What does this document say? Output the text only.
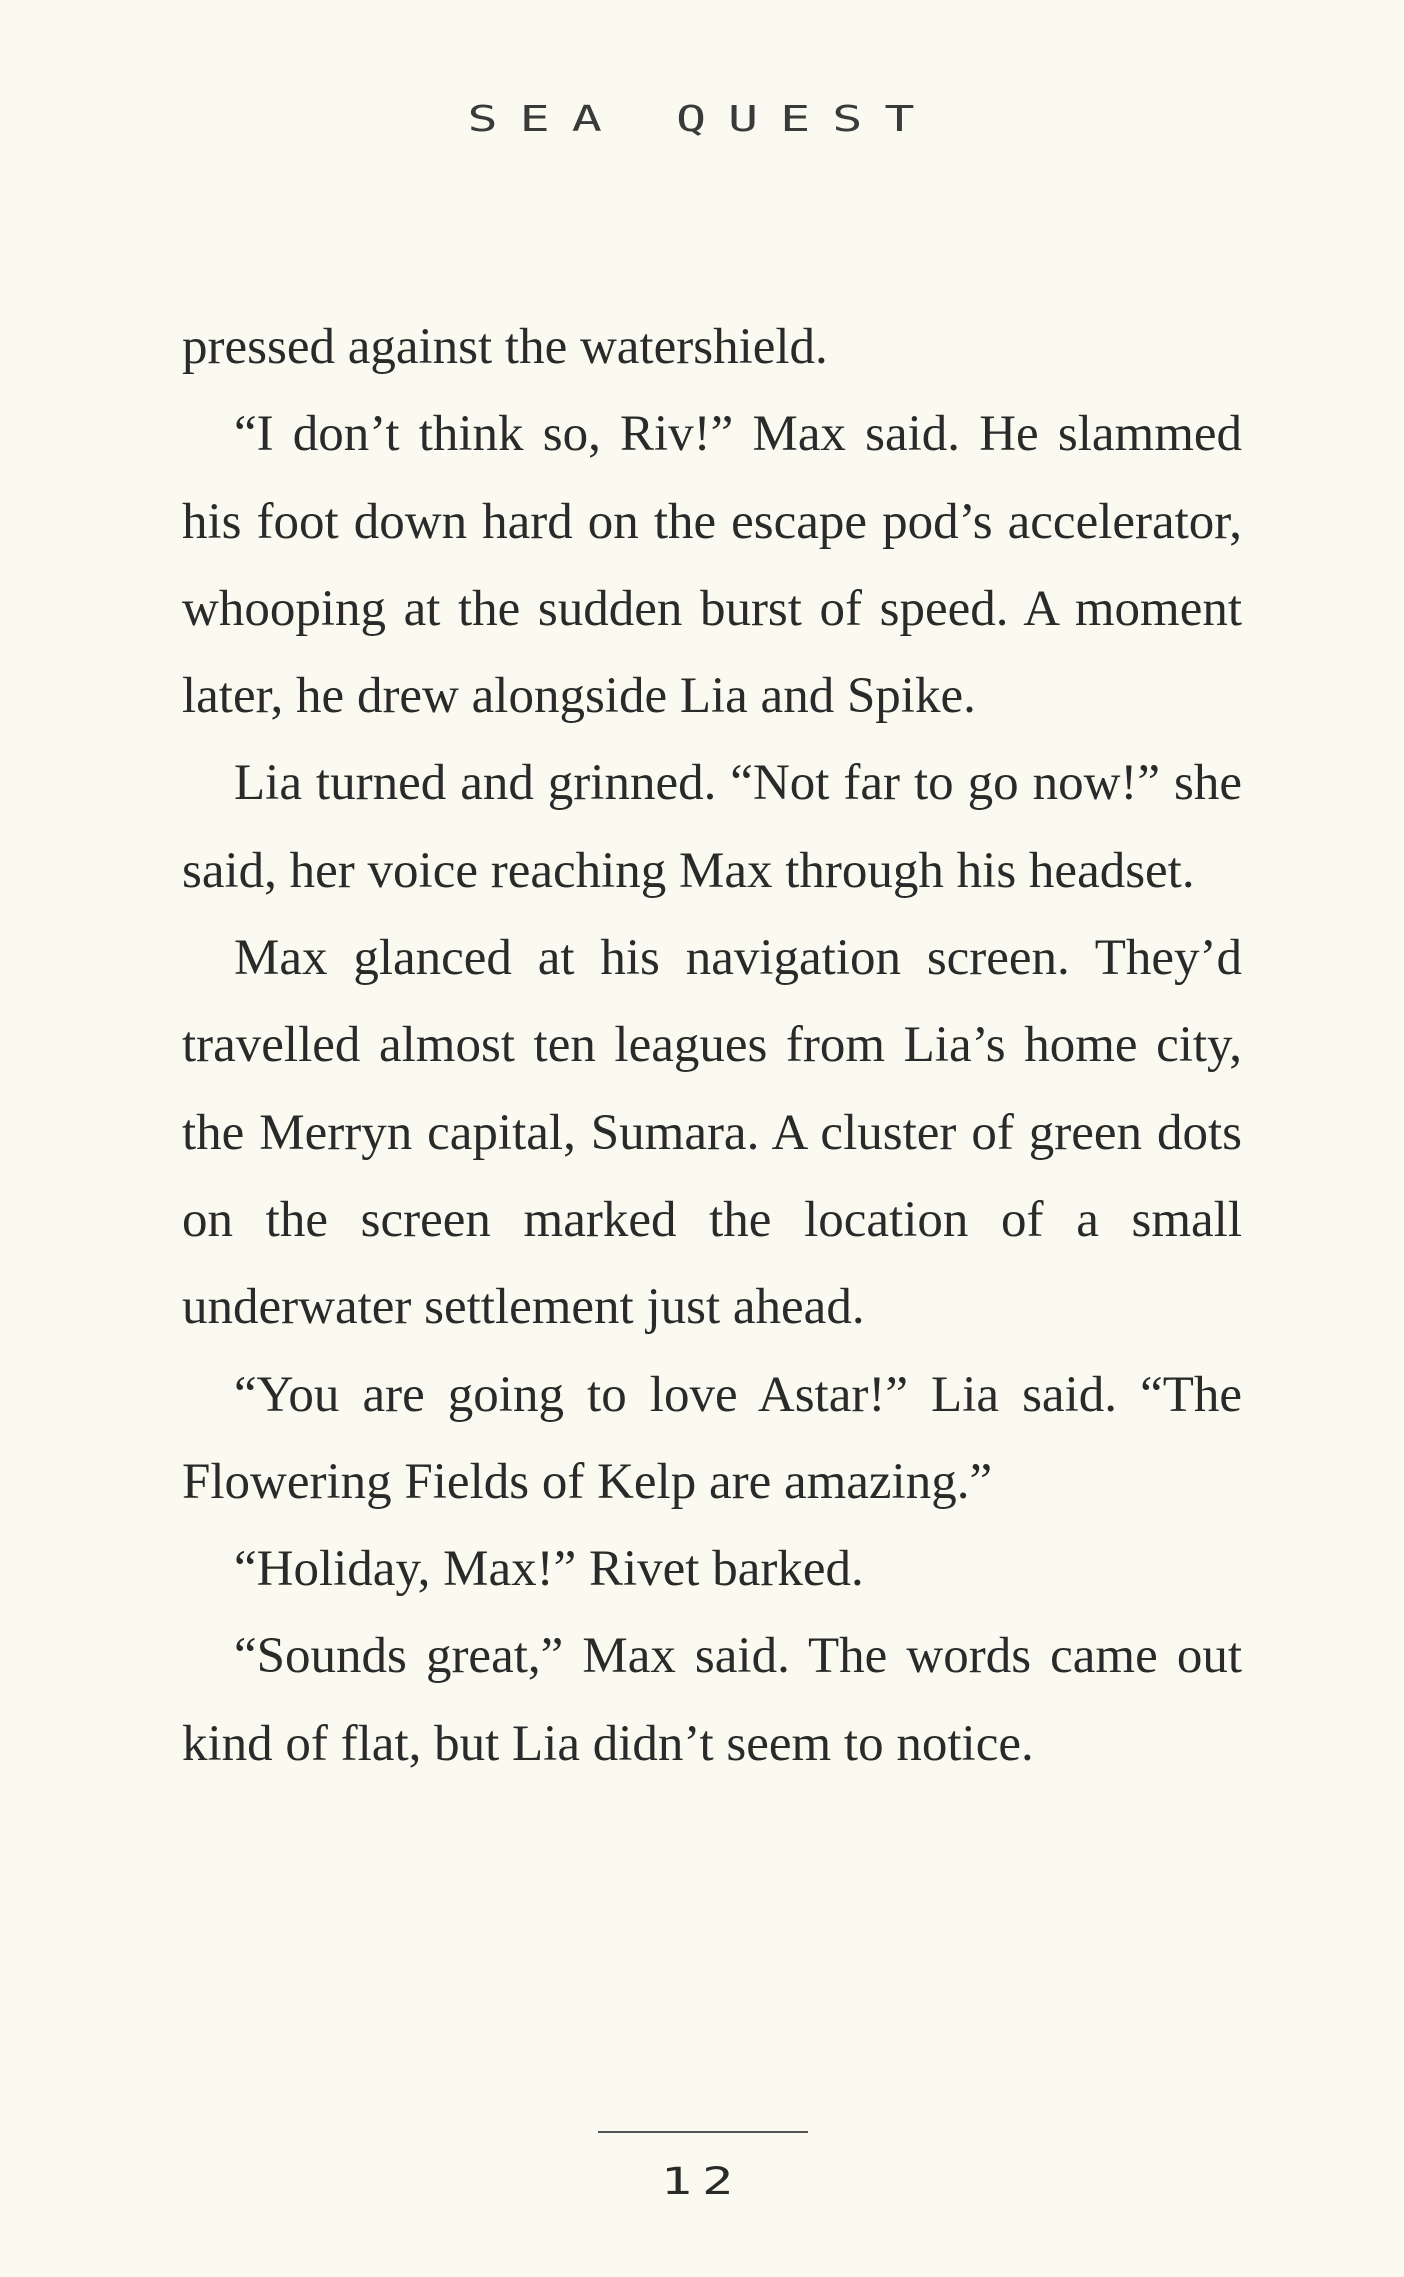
SEA QUEST

pressed against the watershield.

“I don’t think so, Riv!” Max said. He slammed his foot down hard on the escape pod’s accelerator, whooping at the sudden burst of speed. A moment later, he drew alongside Lia and Spike.

Lia turned and grinned. “Not far to go now!” she said, her voice reaching Max through his headset.

Max glanced at his navigation screen. They’d travelled almost ten leagues from Lia’s home city, the Merryn capital, Sumara. A cluster of green dots on the screen marked the location of a small underwater settlement just ahead.

“You are going to love Astar!” Lia said. “The Flowering Fields of Kelp are amazing.”

“Holiday, Max!” Rivet barked.

“Sounds great,” Max said. The words came out kind of flat, but Lia didn’t seem to notice.

12
